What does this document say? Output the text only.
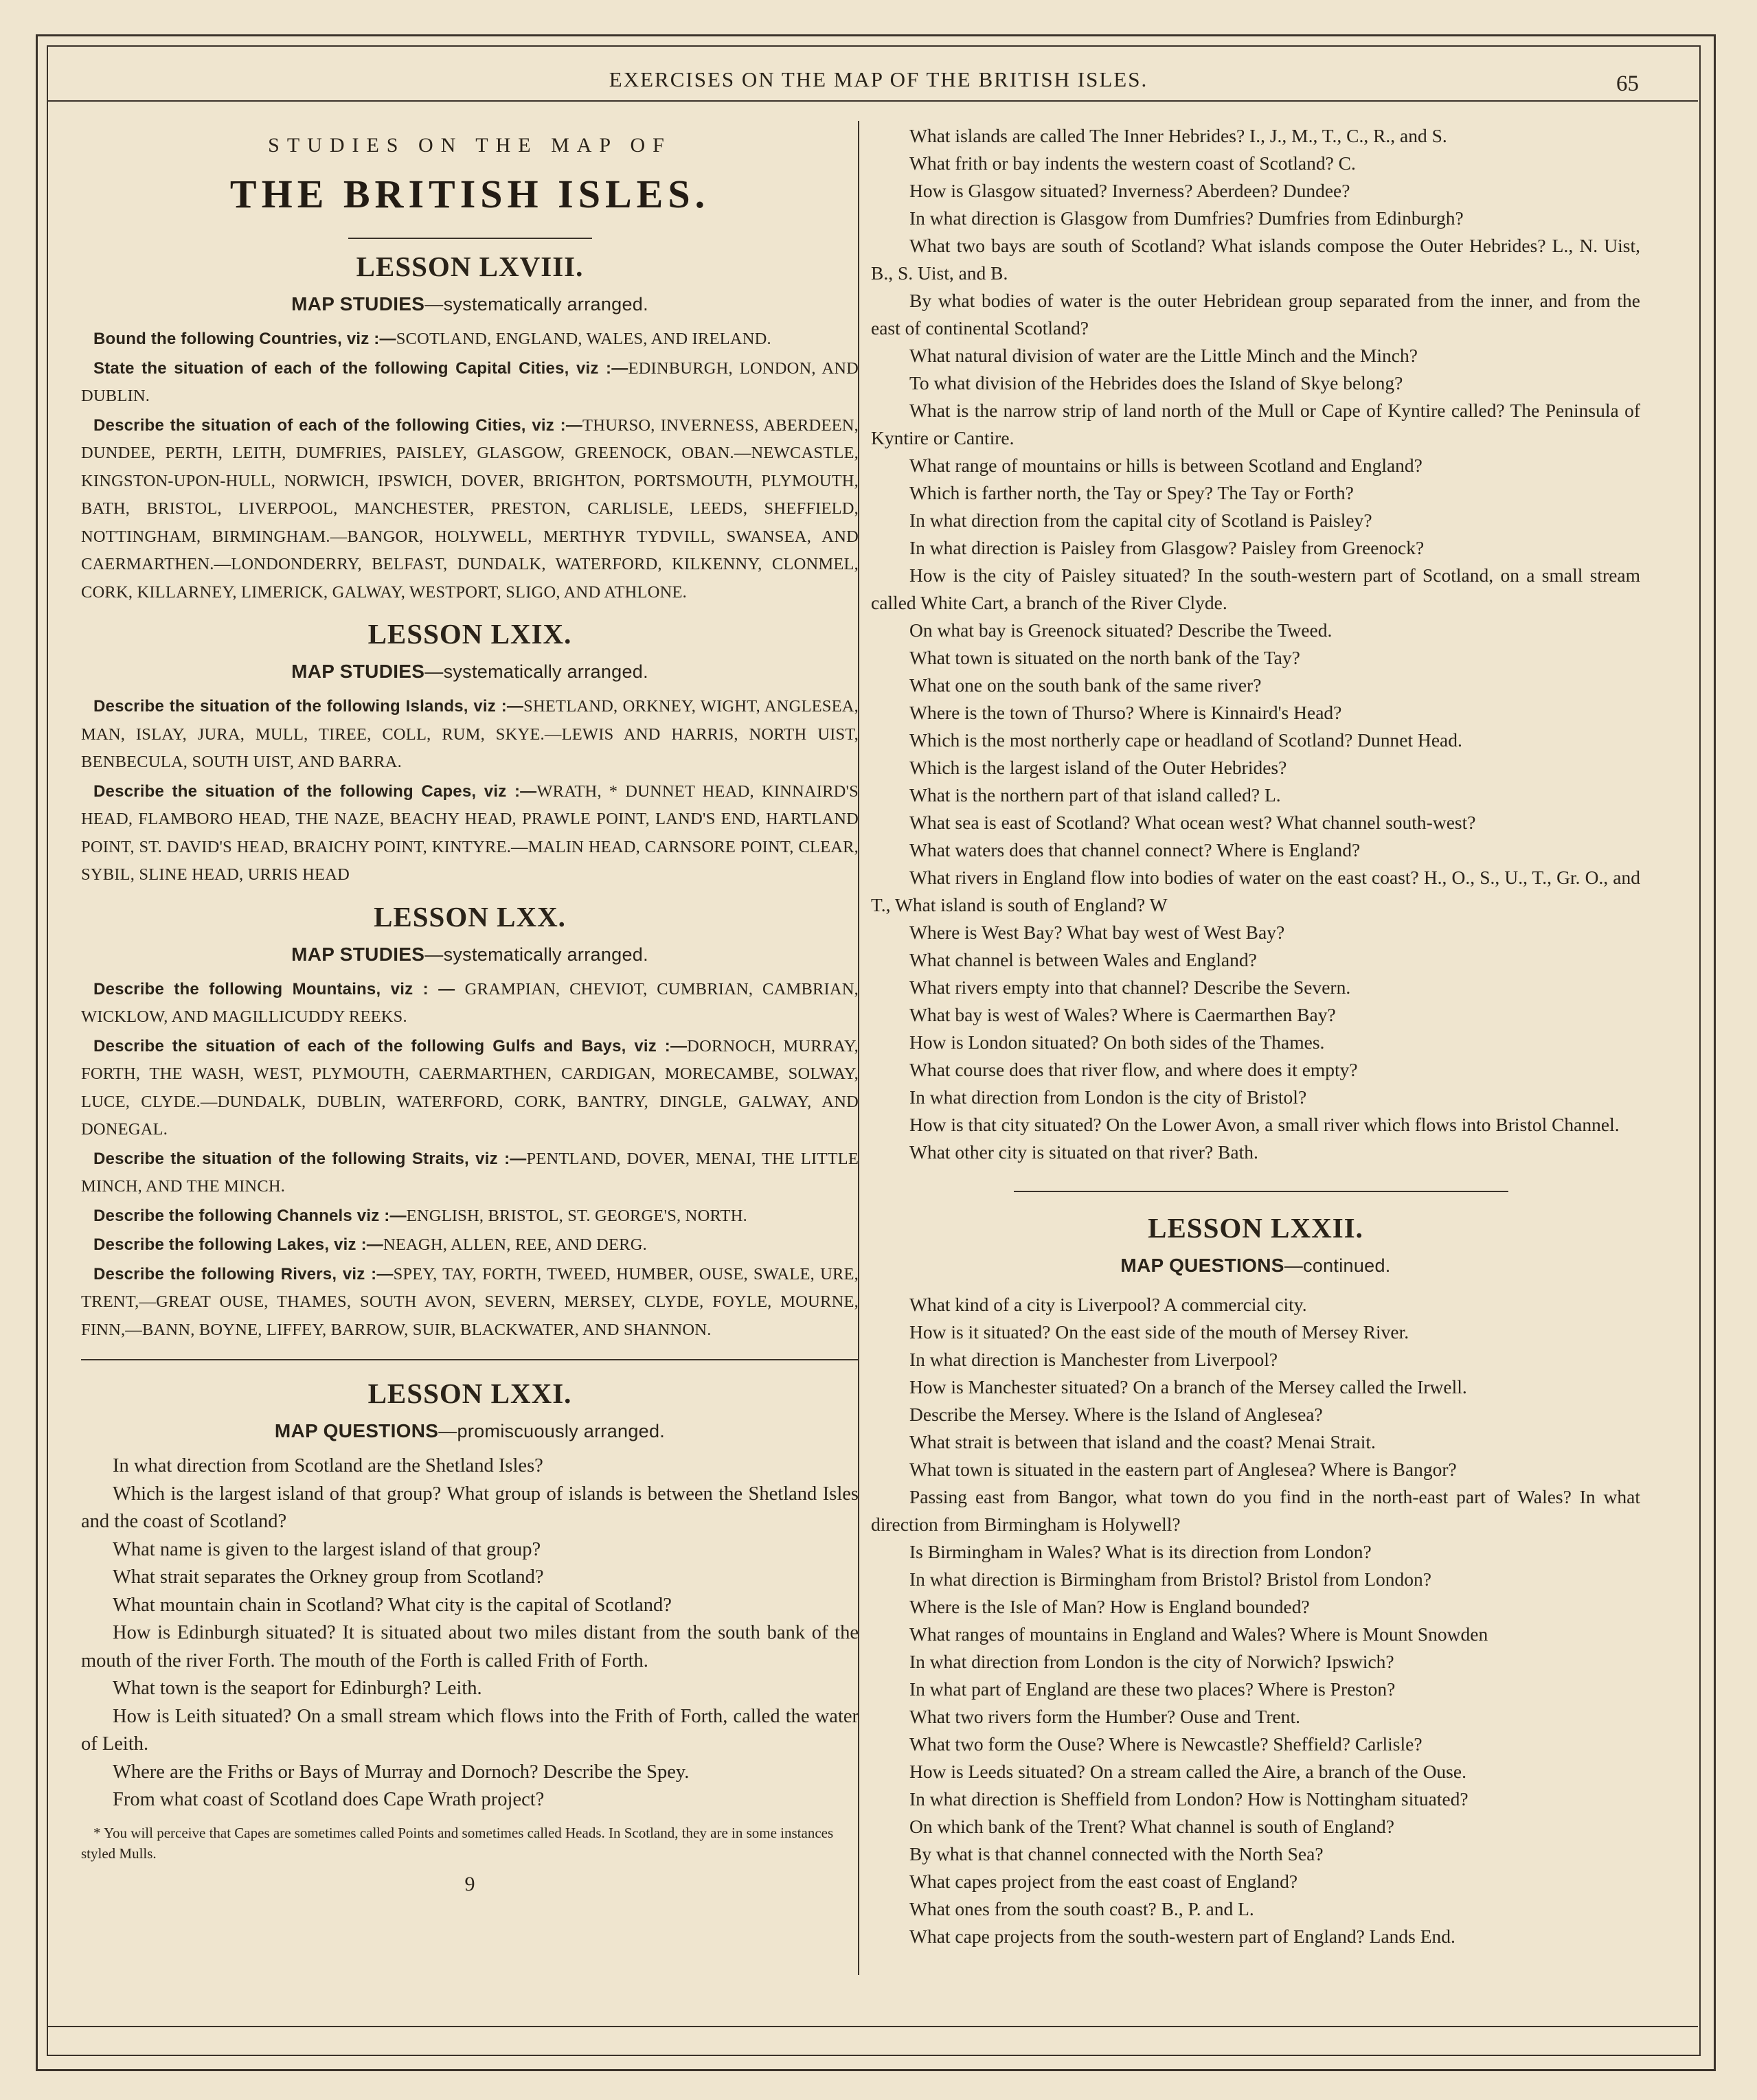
EXERCISES ON THE MAP OF THE BRITISH ISLES.	65

STUDIES ON THE MAP OF

THE BRITISH ISLES.
LESSON LXVIII.

MAP STUDIES—systematically arranged.

Bound the following Countries, viz :—SCOTLAND, ENGLAND, WALES, AND IRELAND.

State the situation of each of the following Capital Cities, viz :—EDINBURGH, LONDON, AND DUBLIN.

Describe the situation of each of the following Cities, viz :—THURSO, INVERNESS, ABERDEEN, DUNDEE, PERTH, LEITH, DUMFRIES, PAISLEY, GLASGOW, GREENOCK, OBAN.—NEWCASTLE, KINGSTON-UPON-HULL, NORWICH, IPSWICH, DOVER, BRIGHTON, PORTSMOUTH, PLYMOUTH, BATH, BRISTOL, LIVERPOOL, MANCHESTER, PRESTON, CARLISLE, LEEDS, SHEFFIELD, NOTTINGHAM, BIRMINGHAM.—BANGOR, HOLYWELL, MERTHYR TYDVILL, SWANSEA, AND CAERMARTHEN.—LONDONDERRY, BELFAST, DUNDALK, WATERFORD, KILKENNY, CLONMEL, CORK, KILLARNEY, LIMERICK, GALWAY, WESTPORT, SLIGO, AND ATHLONE.

LESSON LXIX.

MAP STUDIES—systematically arranged.

Describe the situation of the following Islands, viz :—SHETLAND, ORKNEY, WIGHT, ANGLESEA, MAN, ISLAY, JURA, MULL, TIREE, COLL, RUM, SKYE.—LEWIS AND HARRIS, NORTH UIST, BENBECULA, SOUTH UIST, AND BARRA.

Describe the situation of the following Capes, viz :—WRATH, * DUNNET HEAD, KINNAIRD'S HEAD, FLAMBORO HEAD, THE NAZE, BEACHY HEAD, PRAWLE POINT, LAND'S END, HARTLAND POINT, ST. DAVID'S HEAD, BRAICHY POINT, KINTYRE.—MALIN HEAD, CARNSORE POINT, CLEAR, SYBIL, SLINE HEAD, URRIS HEAD

LESSON LXX.

MAP STUDIES—systematically arranged.

Describe the following Mountains, viz : — GRAMPIAN, CHEVIOT, CUMBRIAN, CAMBRIAN, WICKLOW, AND MAGILLICUDDY REEKS.

Describe the situation of each of the following Gulfs and Bays, viz :—DORNOCH, MURRAY, FORTH, THE WASH, WEST, PLYMOUTH, CAERMARTHEN, CARDIGAN, MORECAMBE, SOLWAY, LUCE, CLYDE.—DUNDALK, DUBLIN, WATERFORD, CORK, BANTRY, DINGLE, GALWAY, AND DONEGAL.

Describe the situation of the following Straits, viz :—PENTLAND, DOVER, MENAI, THE LITTLE MINCH, AND THE MINCH.

Describe the following Channels viz :—ENGLISH, BRISTOL, ST. GEORGE'S, NORTH.

Describe the following Lakes, viz :—NEAGH, ALLEN, REE, AND DERG.

Describe the following Rivers, viz :—SPEY, TAY, FORTH, TWEED, HUMBER, OUSE, SWALE, URE, TRENT,—GREAT OUSE, THAMES, SOUTH AVON, SEVERN, MERSEY, CLYDE, FOYLE, MOURNE, FINN,—BANN, BOYNE, LIFFEY, BARROW, SUIR, BLACKWATER, AND SHANNON.

LESSON LXXI.

MAP QUESTIONS—promiscuously arranged.

In what direction from Scotland are the Shetland Isles?

Which is the largest island of that group? What group of islands is between the Shetland Isles and the coast of Scotland?

What name is given to the largest island of that group?

What strait separates the Orkney group from Scotland?

What mountain chain in Scotland? What city is the capital of Scotland?

How is Edinburgh situated? It is situated about two miles distant from the south bank of the mouth of the river Forth. The mouth of the Forth is called Frith of Forth.

What town is the seaport for Edinburgh? Leith.

How is Leith situated? On a small stream which flows into the Frith of Forth, called the water of Leith.

Where are the Friths or Bays of Murray and Dornoch? Describe the Spey.

From what coast of Scotland does Cape Wrath project?

* You will perceive that Capes are sometimes called Points and sometimes called Heads. In Scotland, they are in some instances styled Mulls.

9

What islands are called The Inner Hebrides? I., J., M., T., C., R., and S.

What frith or bay indents the western coast of Scotland? C.

How is Glasgow situated? Inverness? Aberdeen? Dundee?

In what direction is Glasgow from Dumfries? Dumfries from Edinburgh?

What two bays are south of Scotland? What islands compose the Outer Hebrides? L., N. Uist, B., S. Uist, and B.

By what bodies of water is the outer Hebridean group separated from the inner, and from the east of continental Scotland?

What natural division of water are the Little Minch and the Minch?

To what division of the Hebrides does the Island of Skye belong?

What is the narrow strip of land north of the Mull or Cape of Kyntire called? The Peninsula of Kyntire or Cantire.

What range of mountains or hills is between Scotland and England?

Which is farther north, the Tay or Spey? The Tay or Forth?

In what direction from the capital city of Scotland is Paisley?

In what direction is Paisley from Glasgow? Paisley from Greenock?

How is the city of Paisley situated? In the south-western part of Scotland, on a small stream called White Cart, a branch of the River Clyde.

On what bay is Greenock situated? Describe the Tweed.

What town is situated on the north bank of the Tay?

What one on the south bank of the same river?

Where is the town of Thurso? Where is Kinnaird's Head?

Which is the most northerly cape or headland of Scotland? Dunnet Head.

Which is the largest island of the Outer Hebrides?

What is the northern part of that island called? L.

What sea is east of Scotland? What ocean west? What channel south-west?

What waters does that channel connect? Where is England?

What rivers in England flow into bodies of water on the east coast? H., O., S., U., T., Gr. O., and T., What island is south of England? W

Where is West Bay? What bay west of West Bay?

What channel is between Wales and England?

What rivers empty into that channel? Describe the Severn.

What bay is west of Wales? Where is Caermarthen Bay?

How is London situated? On both sides of the Thames.

What course does that river flow, and where does it empty?

In what direction from London is the city of Bristol?

How is that city situated? On the Lower Avon, a small river which flows into Bristol Channel.

What other city is situated on that river? Bath.

LESSON LXXII.

MAP QUESTIONS—continued.

What kind of a city is Liverpool? A commercial city.

How is it situated? On the east side of the mouth of Mersey River.

In what direction is Manchester from Liverpool?

How is Manchester situated? On a branch of the Mersey called the Irwell.

Describe the Mersey. Where is the Island of Anglesea?

What strait is between that island and the coast? Menai Strait.

What town is situated in the eastern part of Anglesea? Where is Bangor?

Passing east from Bangor, what town do you find in the north-east part of Wales? In what direction from Birmingham is Holywell?

Is Birmingham in Wales? What is its direction from London?

In what direction is Birmingham from Bristol? Bristol from London?

Where is the Isle of Man? How is England bounded?

What ranges of mountains in England and Wales? Where is Mount Snowden

In what direction from London is the city of Norwich? Ipswich?

In what part of England are these two places? Where is Preston?

What two rivers form the Humber? Ouse and Trent.

What two form the Ouse? Where is Newcastle? Sheffield? Carlisle?

How is Leeds situated? On a stream called the Aire, a branch of the Ouse.

In what direction is Sheffield from London? How is Nottingham situated?

On which bank of the Trent? What channel is south of England?

By what is that channel connected with the North Sea?

What capes project from the east coast of England?

What ones from the south coast? B., P. and L.

What cape projects from the south-western part of England? Lands End.
